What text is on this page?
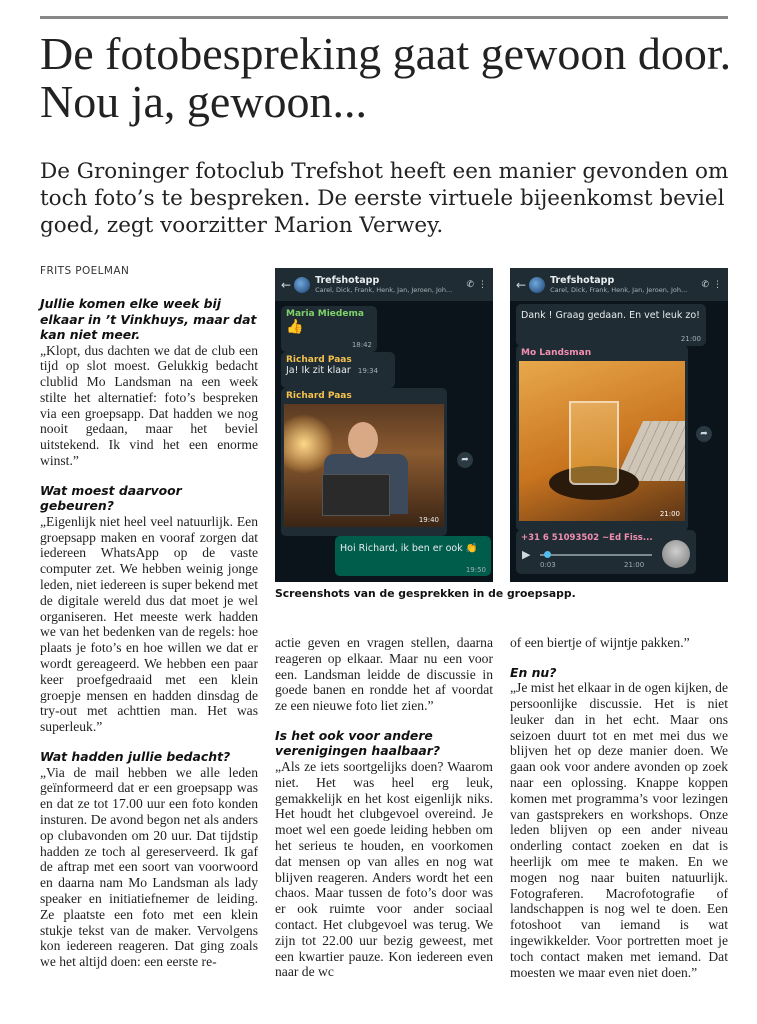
De fotobespreking gaat gewoon door. Nou ja, gewoon...

De Groninger fotoclub Trefshot heeft een manier gevonden om toch foto’s te bespreken. De eerste virtuele bijeenkomst beviel goed, zegt voorzitter Marion Verwey.

FRITS POELMAN

Jullie komen elke week bij elkaar in ’t Vinkhuys, maar dat kan niet meer.

„Klopt, dus dachten we dat de club een tijd op slot moest. Gelukkig bedacht clublid Mo Landsman na een week stilte het alternatief: foto’s bespreken via een groepsapp. Dat hadden we nog nooit gedaan, maar het beviel uitstekend. Ik vind het een enorme winst.”

Wat moest daarvoor gebeuren?

„Eigenlijk niet heel veel natuurlijk. Een groepsapp maken en vooraf zorgen dat iedereen WhatsApp op de vaste computer zet. We hebben weinig jonge leden, niet iedereen is super bekend met de digitale wereld dus dat moet je wel organiseren. Het meeste werk hadden we van het bedenken van de regels: hoe plaats je foto’s en hoe willen we dat er wordt gereageerd. We hebben een paar keer proefgedraaid met een klein groepje mensen en hadden dinsdag de try-out met achttien man. Het was superleuk.”

Wat hadden jullie bedacht?

„Via de mail hebben we alle leden geïnformeerd dat er een groepsapp was en dat ze tot 17.00 uur een foto konden insturen. De avond begon net als anders op clubavonden om 20 uur. Dat tijdstip hadden ze toch al gereserveerd. Ik gaf de aftrap met een soort van voorwoord en daarna nam Mo Landsman als lady speaker en initiatiefnemer de leiding. Ze plaatste een foto met een klein stukje tekst van de maker. Vervolgens kon iedereen reageren. Dat ging zoals we het altijd doen: een eerste re-

←	Trefshotapp
Carel, Dick, Frank, Henk, Jan, Jeroen, Joh...
✆ ⋮
Maria Miedema
👍
18:42
Richard Paas
Ja! Ik zit klaar 19:34
Richard Paas
19:40
➦
Hoi Richard, ik ben er ook 👏
19:50
←	Trefshotapp
Carel, Dick, Frank, Henk, Jan, Jeroen, Joh...
✆ ⋮
Dank ! Graag gedaan. En vet leuk zo!
21:00
Mo Landsman
21:00
➦
+31 6 51093502 ~Ed Fiss...
▶
0:03	21:00
Screenshots van de gesprekken in de groepsapp.

actie geven en vragen stellen, daarna reageren op elkaar. Maar nu een voor een. Landsman leidde de discussie in goede banen en rondde het af voordat ze een nieuwe foto liet zien.”

Is het ook voor andere verenigingen haalbaar?

„Als ze iets soortgelijks doen? Waarom niet. Het was heel erg leuk, gemakkelijk en het kost eigenlijk niks. Het houdt het clubgevoel overeind. Je moet wel een goede leiding hebben om het serieus te houden, en voorkomen dat mensen op van alles en nog wat blijven reageren. Anders wordt het een chaos. Maar tussen de foto’s door was er ook ruimte voor ander sociaal contact. Het clubgevoel was terug. We zijn tot 22.00 uur bezig geweest, met een kwartier pauze. Kon iedereen even naar de wc

of een biertje of wijntje pakken.”

En nu?

„Je mist het elkaar in de ogen kijken, de persoonlijke discussie. Het is niet leuker dan in het echt. Maar ons seizoen duurt tot en met mei dus we blijven het op deze manier doen. We gaan ook voor andere avonden op zoek naar een oplossing. Knappe koppen komen met programma’s voor lezingen van gastsprekers en workshops. Onze leden blijven op een ander niveau onderling contact zoeken en dat is heerlijk om mee te maken. En we mogen nog naar buiten natuurlijk. Fotograferen. Macrofotografie of landschappen is nog wel te doen. Een fotoshoot van iemand is wat ingewikkelder. Voor portretten moet je toch contact maken met iemand. Dat moesten we maar even niet doen.”
